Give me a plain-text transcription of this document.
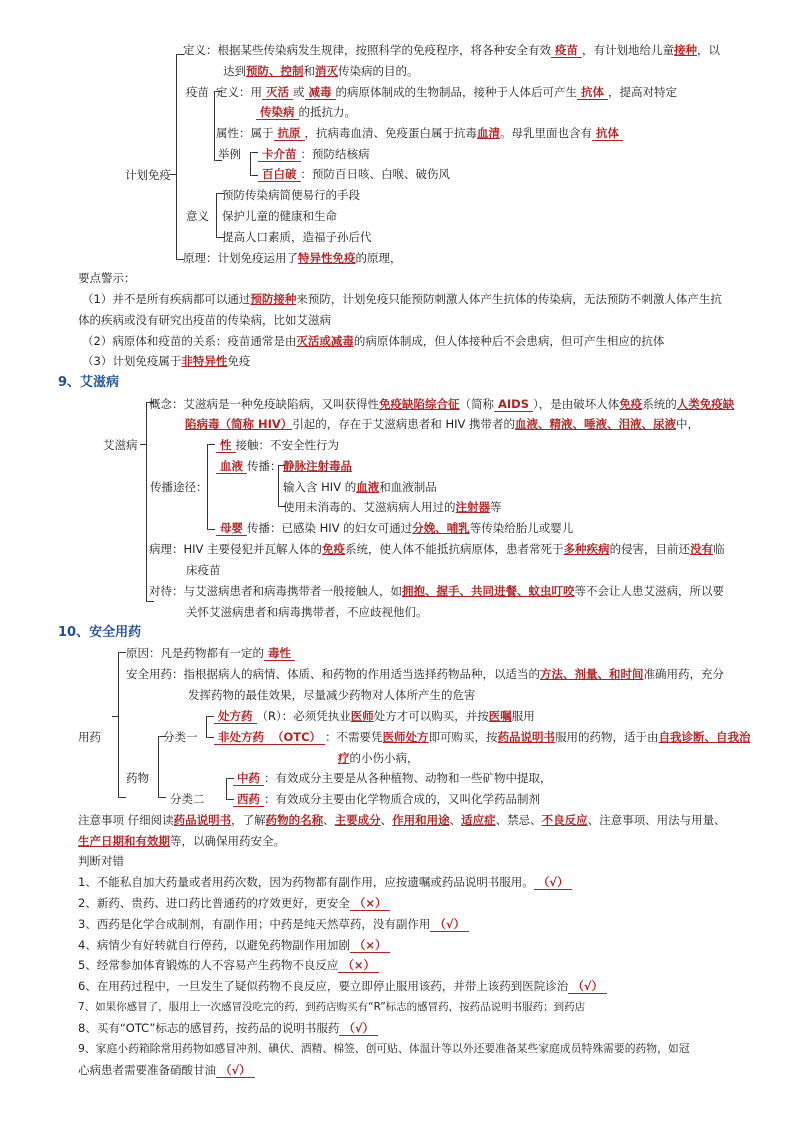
计划免疫
定义：根据某些传染病发生规律，按照科学的免疫程序，将各种安全有效 疫苗 ，有计划地给儿童接种，以
达到预防、控制和消灭传染病的目的。
疫苗 定义：用 灭活 或 减毒 的病原体制成的生物制品，接种于人体后可产生 抗体 ，提高对特定
传染病 的抵抗力。
属性：属于 抗原 ，抗病毒血清、免疫蛋白属于抗毒血清。母乳里面也含有 抗体
举例	卡介苗 ：预防结核病
百白破 ：预防百日咳、白喉、破伤风
意义
预防传染病简便易行的手段
保护儿童的健康和生命
提高人口素质，造福子孙后代
原理：计划免疫运用了特异性免疫的原理，
要点警示：
（1）并不是所有疾病都可以通过预防接种来预防，计划免疫只能预防刺激人体产生抗体的传染病，无法预防不刺激人体产生抗
体的疾病或没有研究出疫苗的传染病，比如艾滋病
（2）病原体和疫苗的关系：疫苗通常是由灭活或减毒的病原体制成，但人体接种后不会患病，但可产生相应的抗体
（3）计划免疫属于非特异性免疫
9、艾滋病
艾滋病
概念：艾滋病是一种免疫缺陷病，又叫获得性免疫缺陷综合征（简称 AIDS ），是由破坏人体免疫系统的人类免疫缺
陷病毒（简称 HIV）引起的，存在于艾滋病患者和 HIV 携带者的血液、精液、唾液、泪液、尿液中，
传播途径：
性 接触：不安全性行为
血液 传播： 静脉注射毒品
输入含 HIV 的血液和血液制品
使用未消毒的、艾滋病病人用过的注射器等
母婴 传播：已感染 HIV 的妇女可通过分娩、哺乳等传染给胎儿或婴儿
病理：HIV 主要侵犯并瓦解人体的免疫系统，使人体不能抵抗病原体，患者常死于多种疾病的侵害，目前还没有临
床疫苗
对待：与艾滋病患者和病毒携带者一般接触人，如拥抱、握手、共同进餐、蚊虫叮咬等不会让人患艾滋病，所以要
关怀艾滋病患者和病毒携带者，不应歧视他们。
10、安全用药
用药
原因：凡是药物都有一定的 毒性
安全用药：指根据病人的病情、体质、和药物的作用适当选择药物品种，以适当的方法、剂量、和时间准确用药，充分
发挥药物的最佳效果，尽量减少药物对人体所产生的危害
药物
分类一
处方药 （R）：必须凭执业医师处方才可以购买，并按医嘱服用
非处方药 （OTC） ：不需要凭医师处方即可购买，按药品说明书服用的药物，适于由自我诊断、自我治
疗的小伤小病，
分类二
中药 ：有效成分主要是从各种植物、动物和一些矿物中提取，
西药 ：有效成分主要由化学物质合成的，又叫化学药品制剂
注意事项 仔细阅读药品说明书，了解药物的名称、主要成分、作用和用途、适应症、禁忌、不良反应、注意事项、用法与用量、
生产日期和有效期等，以确保用药安全。
判断对错
1、不能私自加大药量或者用药次数，因为药物都有副作用，应按遗嘱或药品说明书服用。 （√）
2、新药、贵药、进口药比普通药的疗效更好，更安全 （×）
3、西药是化学合成制剂，有副作用；中药是纯天然草药，没有副作用 （√）
4、病情少有好转就自行停药，以避免药物副作用加剧 （×）
5、经常参加体育锻炼的人不容易产生药物不良反应 （×）
6、在用药过程中，一旦发生了疑似药物不良反应，要立即停止服用该药，并带上该药到医院诊治 （√）
7、如果你感冒了，服用上一次感冒没吃完的药，到药店购买有“R”标志的感冒药，按药品说明书服药；到药店
8、买有“OTC”标志的感冒药，按药品的说明书服药 （√）
9、家庭小药箱除常用药物如感冒冲剂、碘伏、酒精、棉签、创可贴、体温计等以外还要准备某些家庭成员特殊需要的药物，如冠
心病患者需要准备硝酸甘油 （√）
